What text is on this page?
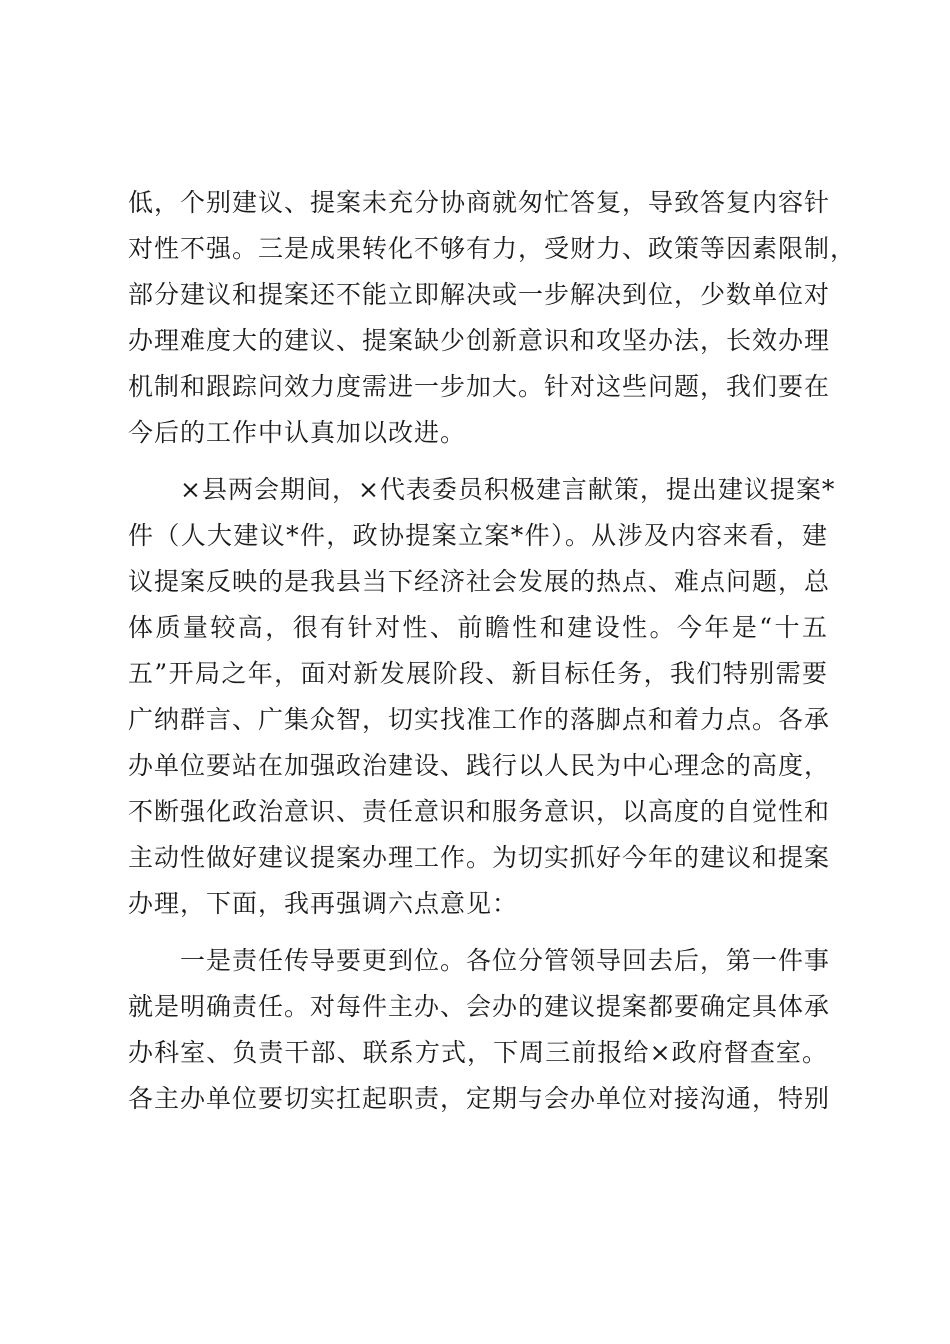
低，个别建议、提案未充分协商就匆忙答复，导致答复内容针
对性不强。三是成果转化不够有力，受财力、政策等因素限制，
部分建议和提案还不能立即解决或一步解决到位，少数单位对
办理难度大的建议、提案缺少创新意识和攻坚办法，长效办理
机制和跟踪问效力度需进一步加大。针对这些问题，我们要在
今后的工作中认真加以改进。

　　×县两会期间，×代表委员积极建言献策，提出建议提案*
件（人大建议*件，政协提案立案*件）。从涉及内容来看，建
议提案反映的是我县当下经济社会发展的热点、难点问题，总
体质量较高，很有针对性、前瞻性和建设性。今年是“十五
五”开局之年，面对新发展阶段、新目标任务，我们特别需要
广纳群言、广集众智，切实找准工作的落脚点和着力点。各承
办单位要站在加强政治建设、践行以人民为中心理念的高度，
不断强化政治意识、责任意识和服务意识，以高度的自觉性和
主动性做好建议提案办理工作。为切实抓好今年的建议和提案
办理，下面，我再强调六点意见：

　　一是责任传导要更到位。各位分管领导回去后，第一件事
就是明确责任。对每件主办、会办的建议提案都要确定具体承
办科室、负责干部、联系方式，下周三前报给×政府督查室。
各主办单位要切实扛起职责，定期与会办单位对接沟通，特别
